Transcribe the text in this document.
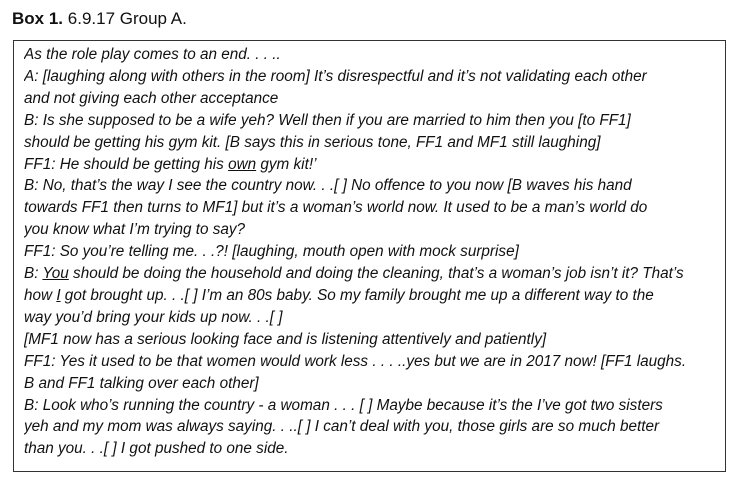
Box 1. 6.9.17 Group A.
As the role play comes to an end. . . ..
A: [laughing along with others in the room] It’s disrespectful and it’s not validating each other
and not giving each other acceptance
B: Is she supposed to be a wife yeh? Well then if you are married to him then you [to FF1]
should be getting his gym kit. [B says this in serious tone, FF1 and MF1 still laughing]
FF1: He should be getting his own gym kit!’
B: No, that’s the way I see the country now. . .[ ] No offence to you now [B waves his hand
towards FF1 then turns to MF1] but it’s a woman’s world now. It used to be a man’s world do
you know what I’m trying to say?
FF1: So you’re telling me. . .?! [laughing, mouth open with mock surprise]
B: You should be doing the household and doing the cleaning, that’s a woman’s job isn’t it? That’s
how I got brought up. . .[ ] I’m an 80s baby. So my family brought me up a different way to the
way you’d bring your kids up now. . .[ ]
[MF1 now has a serious looking face and is listening attentively and patiently]
FF1: Yes it used to be that women would work less . . . ..yes but we are in 2017 now! [FF1 laughs.
B and FF1 talking over each other]
B: Look who’s running the country - a woman . . . [ ] Maybe because it’s the I’ve got two sisters
yeh and my mom was always saying. . ..[ ] I can’t deal with you, those girls are so much better
than you. . .[ ] I got pushed to one side.
